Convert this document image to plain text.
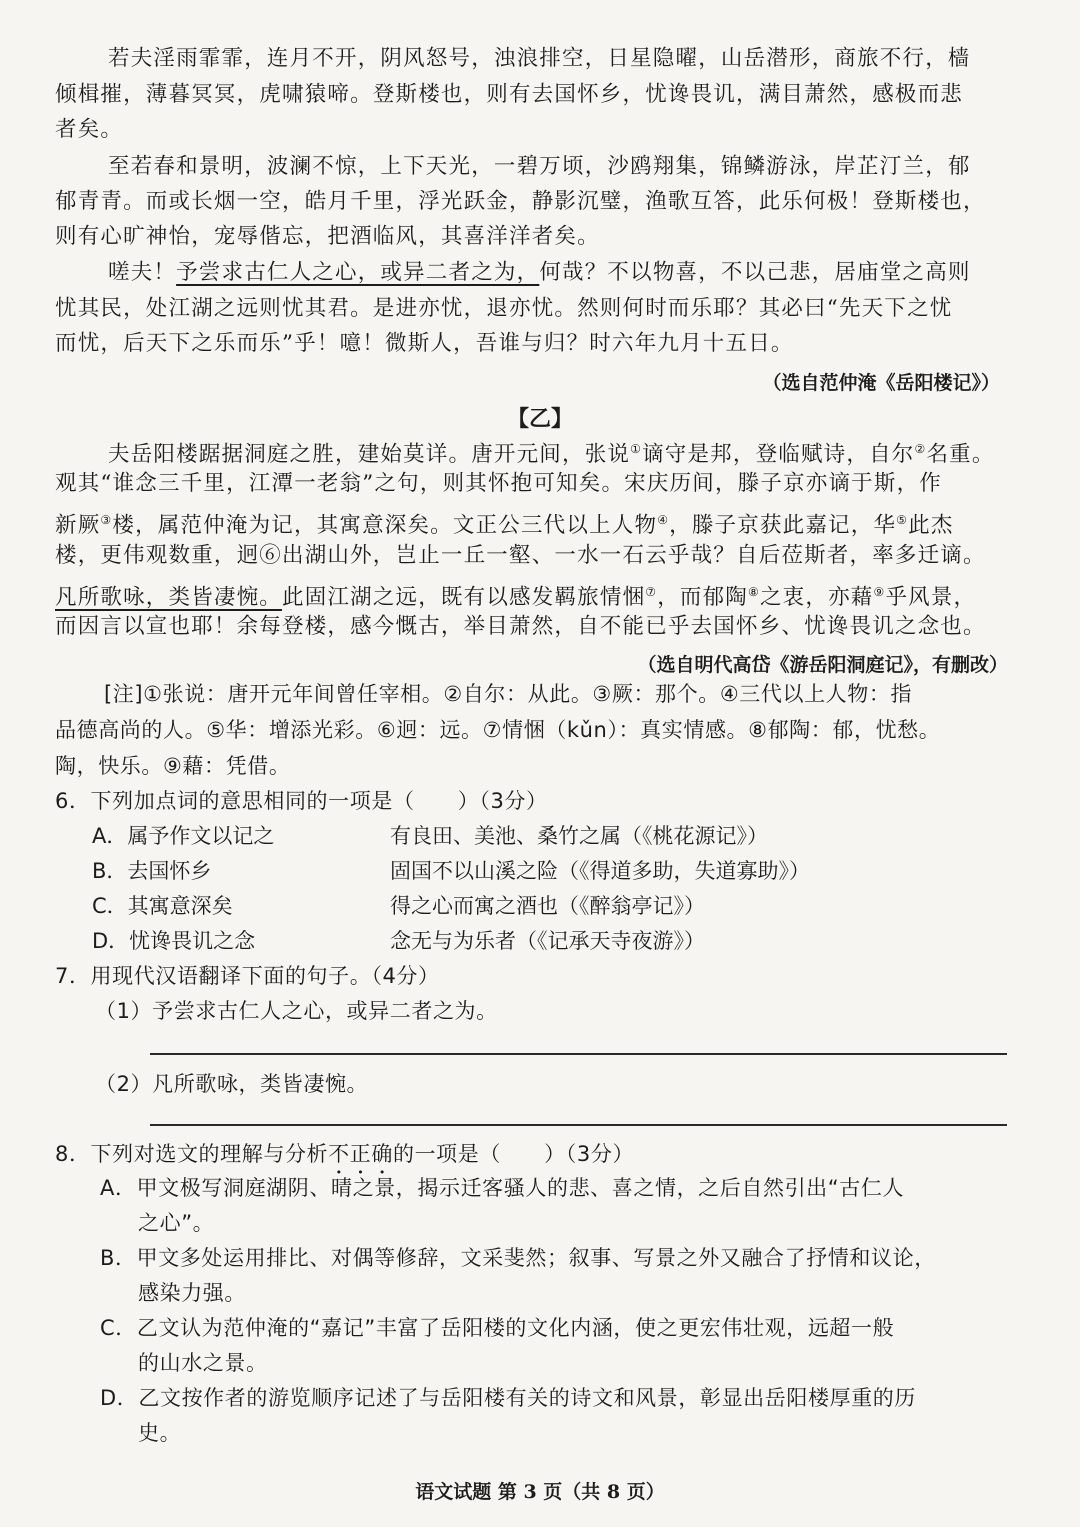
若夫淫雨霏霏，连月不开，阴风怒号，浊浪排空，日星隐曜，山岳潜形，商旅不行，樯
倾楫摧，薄暮冥冥，虎啸猿啼。登斯楼也，则有去国怀乡，忧谗畏讥，满目萧然，感极而悲
者矣。
至若春和景明，波澜不惊，上下天光，一碧万顷，沙鸥翔集，锦鳞游泳，岸芷汀兰，郁
郁青青。而或长烟一空，皓月千里，浮光跃金，静影沉璧，渔歌互答，此乐何极！登斯楼也，
则有心旷神怡，宠辱偕忘，把酒临风，其喜洋洋者矣。
嗟夫！予尝求古仁人之心，或异二者之为，何哉？不以物喜，不以己悲，居庙堂之高则
忧其民，处江湖之远则忧其君。是进亦忧，退亦忧。然则何时而乐耶？其必曰“先天下之忧
而忧，后天下之乐而乐”乎！噫！微斯人，吾谁与归？时六年九月十五日。
（选自范仲淹《岳阳楼记》）
【乙】
夫岳阳楼踞据洞庭之胜，建始莫详。唐开元间，张说①谪守是邦，登临赋诗，自尔②名重。
观其“谁念三千里，江潭一老翁”之句，则其怀抱可知矣。宋庆历间，滕子京亦谪于斯，作
新厥③楼，属范仲淹为记，其寓意深矣。文正公三代以上人物④，滕子京获此嘉记，华⑤此杰
楼，更伟观数重，迥⑥出湖山外，岂止一丘一壑、一水一石云乎哉？自后莅斯者，率多迁谪。
凡所歌咏，类皆凄惋。此固江湖之远，既有以感发羁旅情悃⑦，而郁陶⑧之衷，亦藉⑨乎风景，
而因言以宣也耶！余每登楼，感今慨古，举目萧然，自不能已乎去国怀乡、忧谗畏讥之念也。
（选自明代高岱《游岳阳洞庭记》，有删改）
[注]①张说：唐开元年间曾任宰相。②自尔：从此。③厥：那个。④三代以上人物：指
品德高尚的人。⑤华：增添光彩。⑥迥：远。⑦情悃（kǔn）：真实情感。⑧郁陶：郁，忧愁。
陶，快乐。⑨藉：凭借。
6．下列加点词的意思相同的一项是（　　）（3分）
A．属予作文以记之	有良田、美池、桑竹之属（《桃花源记》）
B．去国怀乡	固国不以山溪之险（《得道多助，失道寡助》）
C．其寓意深矣	得之心而寓之酒也（《醉翁亭记》）
D．忧谗畏讥之念	念无与为乐者（《记承天寺夜游》）
7．用现代汉语翻译下面的句子。（4分）
（1）予尝求古仁人之心，或异二者之为。
（2）凡所歌咏，类皆凄惋。
8．下列对选文的理解与分析不正确的一项是（　　）（3分）
A．甲文极写洞庭湖阴、晴之景，揭示迁客骚人的悲、喜之情，之后自然引出“古仁人
之心”。
B．甲文多处运用排比、对偶等修辞，文采斐然；叙事、写景之外又融合了抒情和议论，
感染力强。
C．乙文认为范仲淹的“嘉记”丰富了岳阳楼的文化内涵，使之更宏伟壮观，远超一般
的山水之景。
D．乙文按作者的游览顺序记述了与岳阳楼有关的诗文和风景，彰显出岳阳楼厚重的历
史。
语文试题 第 3 页（共 8 页）
